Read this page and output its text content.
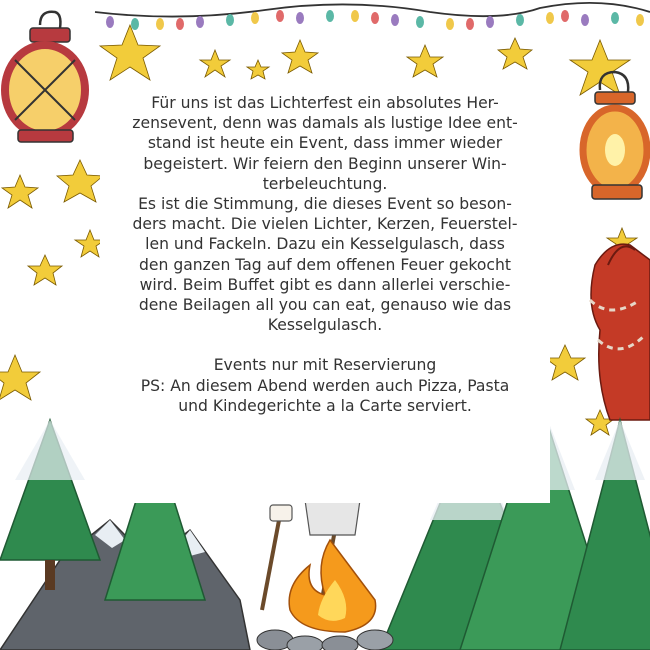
Für uns ist das Lichterfest ein absolutes Her-
zensevent, denn was damals als lustige Idee ent-
stand ist heute ein Event, dass immer wieder
begeistert. Wir feiern den Beginn unserer Win-
terbeleuchtung.

Es ist die Stimmung, die dieses Event so beson-
ders macht. Die vielen Lichter, Kerzen, Feuerstel-
len und Fackeln. Dazu ein Kesselgulasch, dass
den ganzen Tag auf dem offenen Feuer gekocht
wird. Beim Buffet gibt es dann allerlei verschie-
dene Beilagen all you can eat, genauso wie das
Kesselgulasch.

Events nur mit Reservierung
PS: An diesem Abend werden auch Pizza, Pasta
und Kindegerichte a la Carte serviert.
